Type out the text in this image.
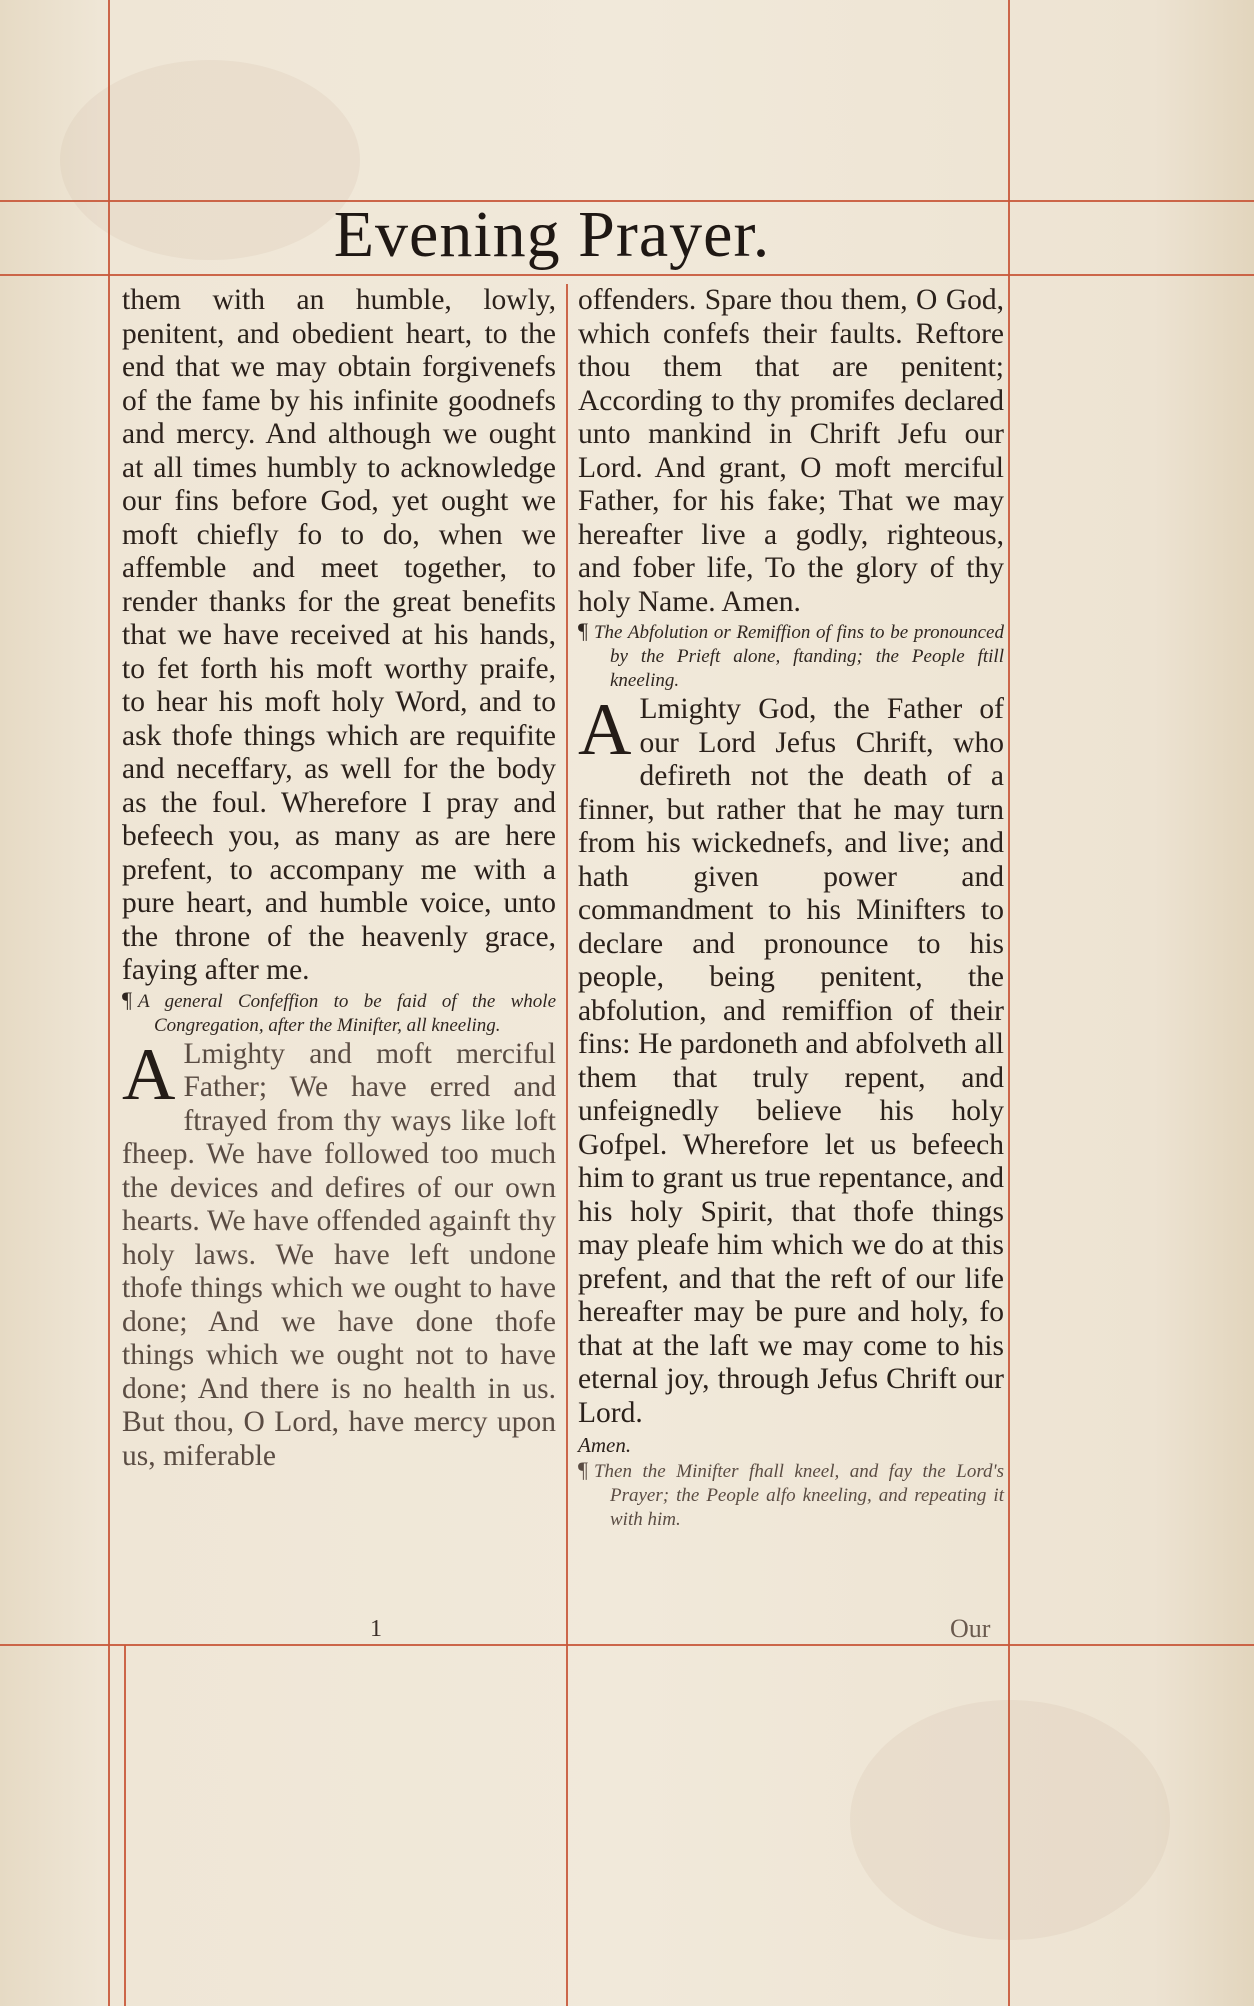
Evening Prayer.

them with an humble, lowly, penitent, and obedient heart, to the end that we may obtain forgivenefs of the fame by his infinite goodnefs and mercy. And although we ought at all times humbly to acknowledge our fins before God, yet ought we moft chiefly fo to do, when we affemble and meet together, to render thanks for the great benefits that we have received at his hands, to fet forth his moft worthy praife, to hear his moft holy Word, and to ask thofe things which are requifite and neceffary, as well for the body as the foul. Wherefore I pray and befeech you, as many as are here prefent, to accompany me with a pure heart, and humble voice, unto the throne of the heavenly grace, faying after me.

¶ A general Confeffion to be faid of the whole Congregation, after the Minifter, all kneeling.

A Lmighty and moft merciful Father; We have erred and ftrayed from thy ways like loft fheep. We have followed too much the devices and defires of our own hearts. We have offended againft thy holy laws. We have left undone thofe things which we ought to have done; And we have done thofe things which we ought not to have done; And there is no health in us. But thou, O Lord, have mercy upon us, miferable

offenders. Spare thou them, O God, which confefs their faults. Reftore thou them that are penitent; According to thy promifes declared unto mankind in Chrift Jefu our Lord. And grant, O moft merciful Father, for his fake; That we may hereafter live a godly, righteous, and fober life, To the glory of thy holy Name. Amen.

¶ The Abfolution or Remiffion of fins to be pronounced by the Prieft alone, ftanding; the People ftill kneeling.

A Lmighty God, the Father of our Lord Jefus Chrift, who defireth not the death of a finner, but rather that he may turn from his wickednefs, and live; and hath given power and commandment to his Minifters to declare and pronounce to his people, being penitent, the abfolution, and remiffion of their fins: He pardoneth and abfolveth all them that truly repent, and unfeignedly believe his holy Gofpel. Wherefore let us befeech him to grant us true repentance, and his holy Spirit, that thofe things may pleafe him which we do at this prefent, and that the reft of our life hereafter may be pure and holy, fo that at the laft we may come to his eternal joy, through Jefus Chrift our Lord.

Amen.

¶ Then the Minifter fhall kneel, and fay the Lord's Prayer; the People alfo kneeling, and repeating it with him.

1	Our
